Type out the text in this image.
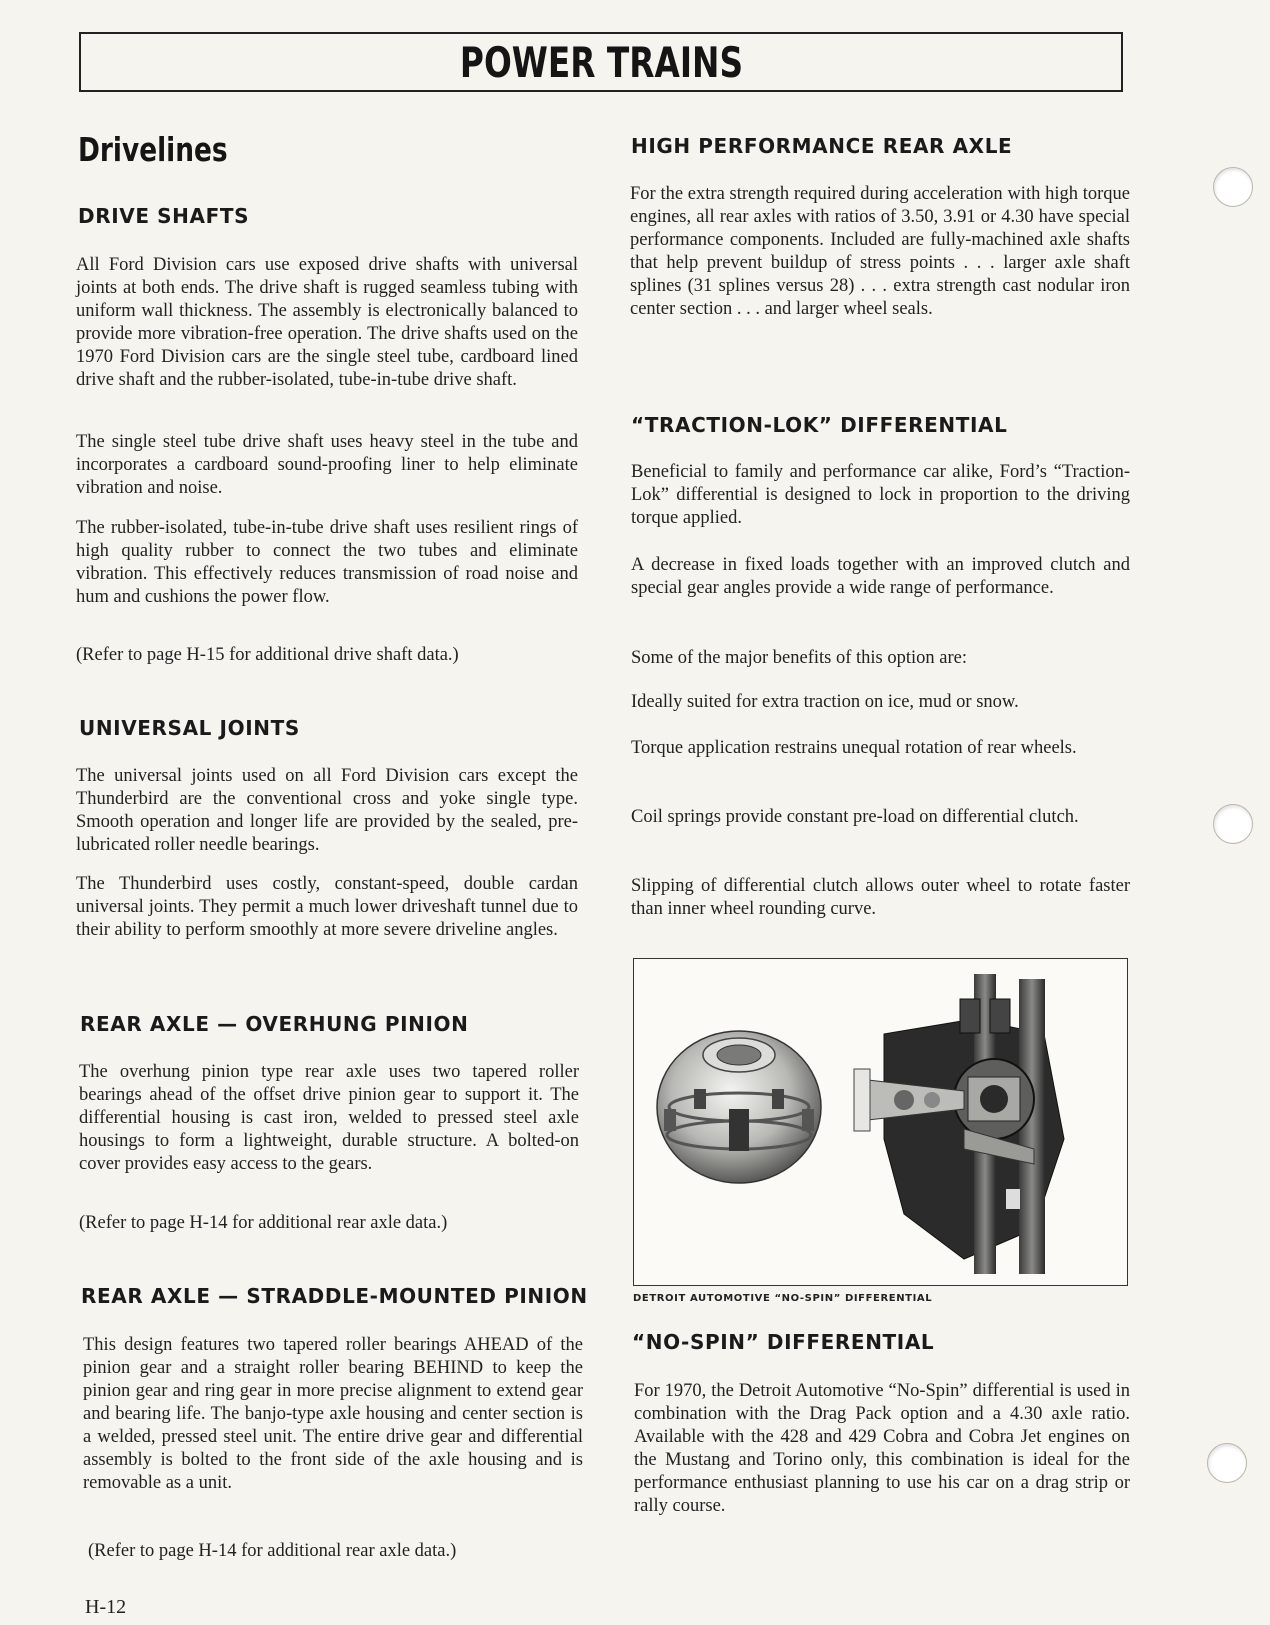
POWER TRAINS
Drivelines
DRIVE SHAFTS
All Ford Division cars use exposed drive shafts with universal joints at both ends. The drive shaft is rugged seamless tubing with uniform wall thickness. The assembly is electronically balanced to provide more vibration-free operation. The drive shafts used on the 1970 Ford Division cars are the single steel tube, cardboard lined drive shaft and the rubber-isolated, tube-in-tube drive shaft.
The single steel tube drive shaft uses heavy steel in the tube and incorporates a cardboard sound-proofing liner to help eliminate vibration and noise.
The rubber-isolated, tube-in-tube drive shaft uses resilient rings of high quality rubber to connect the two tubes and eliminate vibration. This effectively reduces transmission of road noise and hum and cushions the power flow.
(Refer to page H-15 for additional drive shaft data.)
UNIVERSAL JOINTS
The universal joints used on all Ford Division cars except the Thunderbird are the conventional cross and yoke single type. Smooth operation and longer life are provided by the sealed, pre-lubricated roller needle bearings.
The Thunderbird uses costly, constant-speed, double cardan universal joints. They permit a much lower driveshaft tunnel due to their ability to perform smoothly at more severe driveline angles.
REAR AXLE — OVERHUNG PINION
The overhung pinion type rear axle uses two tapered roller bearings ahead of the offset drive pinion gear to support it. The differential housing is cast iron, welded to pressed steel axle housings to form a lightweight, durable structure. A bolted-on cover provides easy access to the gears.
(Refer to page H-14 for additional rear axle data.)
REAR AXLE — STRADDLE-MOUNTED PINION
This design features two tapered roller bearings AHEAD of the pinion gear and a straight roller bearing BEHIND to keep the pinion gear and ring gear in more precise alignment to extend gear and bearing life. The banjo-type axle housing and center section is a welded, pressed steel unit. The entire drive gear and differential assembly is bolted to the front side of the axle housing and is removable as a unit.
(Refer to page H-14 for additional rear axle data.)
HIGH PERFORMANCE REAR AXLE
For the extra strength required during acceleration with high torque engines, all rear axles with ratios of 3.50, 3.91 or 4.30 have special performance components. Included are fully-machined axle shafts that help prevent buildup of stress points . . . larger axle shaft splines (31 splines versus 28) . . . extra strength cast nodular iron center section . . . and larger wheel seals.
“TRACTION-LOK” DIFFERENTIAL
Beneficial to family and performance car alike, Ford’s “Traction-Lok” differential is designed to lock in proportion to the driving torque applied.
A decrease in fixed loads together with an improved clutch and special gear angles provide a wide range of performance.
Some of the major benefits of this option are:
Ideally suited for extra traction on ice, mud or snow.
Torque application restrains unequal rotation of rear wheels.
Coil springs provide constant pre-load on differential clutch.
Slipping of differential clutch allows outer wheel to rotate faster than inner wheel rounding curve.
DETROIT AUTOMOTIVE “NO-SPIN” DIFFERENTIAL
“NO-SPIN” DIFFERENTIAL
For 1970, the Detroit Automotive “No-Spin” differential is used in combination with the Drag Pack option and a 4.30 axle ratio. Available with the 428 and 429 Cobra and Cobra Jet engines on the Mustang and Torino only, this combination is ideal for the performance enthusiast planning to use his car on a drag strip or rally course.
H-12
